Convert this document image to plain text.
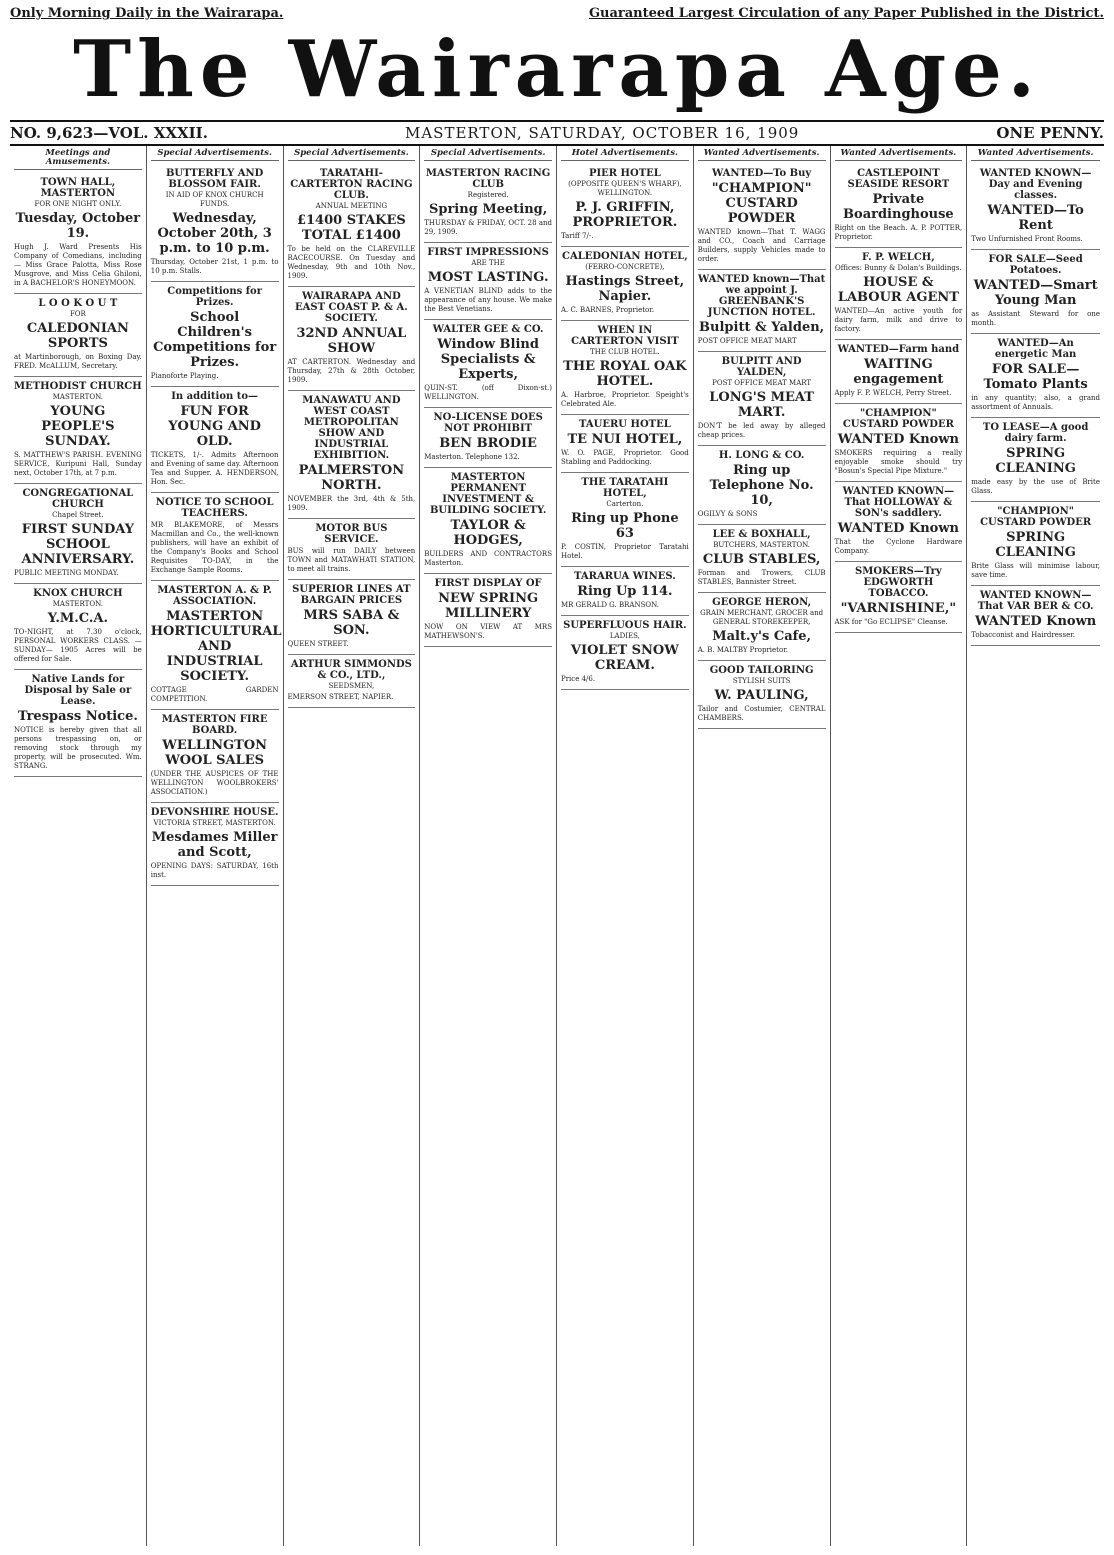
Only Morning Daily in the Wairarapa.	Guaranteed Largest Circulation of any Paper Published in the District.
The Wairarapa Age.
NO. 9,623—VOL. XXXII.	MASTERTON, SATURDAY, OCTOBER 16, 1909	ONE PENNY.
Meetings and Amusements.
TOWN HALL, MASTERTON

FOR ONE NIGHT ONLY.

Tuesday, October 19.

Hugh J. Ward Presents His Company of Comedians, including— Miss Grace Palotta, Miss Rose Musgrove, and Miss Celia Ghiloni, in A BACHELOR'S HONEYMOON.

L O O K O U T

FOR

CALEDONIAN SPORTS

at Martinborough, on Boxing Day. FRED. McALLUM, Secretary.

METHODIST CHURCH

MASTERTON.

YOUNG PEOPLE'S SUNDAY.

S. MATTHEW'S PARISH. EVENING SERVICE, Kuripuni Hall, Sunday next, October 17th, at 7 p.m.

CONGREGATIONAL CHURCH

Chapel Street.

FIRST SUNDAY SCHOOL ANNIVERSARY.

PUBLIC MEETING MONDAY.

KNOX CHURCH

MASTERTON.

Y.M.C.A.

TO-NIGHT, at 7.30 o'clock, PERSONAL WORKERS CLASS. —SUNDAY— 1905 Acres will be offered for Sale.

Native Lands for Disposal by Sale or Lease.

Trespass Notice.

NOTICE is hereby given that all persons trespassing on, or removing stock through my property, will be prosecuted. Wm. STRANG.

Special Advertisements.
BUTTERFLY AND BLOSSOM FAIR.

IN AID OF KNOX CHURCH FUNDS.

Wednesday, October 20th, 3 p.m. to 10 p.m.

Thursday, October 21st, 1 p.m. to 10 p.m. Stalls.

Competitions for Prizes.

School Children's Competitions for Prizes.

Pianoforte Playing.

In addition to—

FUN FOR YOUNG AND OLD.

TICKETS, 1/-. Admits Afternoon and Evening of same day. Afternoon Tea and Supper. A. HENDERSON, Hon. Sec.

NOTICE TO SCHOOL TEACHERS.

MR BLAKEMORE, of Messrs Macmillan and Co., the well-known publishers, will have an exhibit of the Company's Books and School Requisites TO-DAY, in the Exchange Sample Rooms.

MASTERTON A. & P. ASSOCIATION.

MASTERTON HORTICULTURAL AND INDUSTRIAL SOCIETY.

COTTAGE GARDEN COMPETITION.

MASTERTON FIRE BOARD.

WELLINGTON WOOL SALES

(UNDER THE AUSPICES OF THE WELLINGTON WOOLBROKERS' ASSOCIATION.)

DEVONSHIRE HOUSE.

VICTORIA STREET, MASTERTON.

Mesdames Miller and Scott,

OPENING DAYS: SATURDAY, 16th inst.

Special Advertisements.
TARATAHI-CARTERTON RACING CLUB.

ANNUAL MEETING

£1400 STAKES TOTAL £1400

To be held on the CLAREVILLE RACECOURSE. On Tuesday and Wednesday, 9th and 10th Nov., 1909.

WAIRARAPA AND EAST COAST P. & A. SOCIETY.

32ND ANNUAL SHOW

AT CARTERTON. Wednesday and Thursday, 27th & 28th October, 1909.

MANAWATU AND WEST COAST METROPOLITAN SHOW AND INDUSTRIAL EXHIBITION.

PALMERSTON NORTH.

NOVEMBER the 3rd, 4th & 5th, 1909.

MOTOR BUS SERVICE.

BUS will run DAILY between TOWN and MATAWHATI STATION, to meet all trains.

SUPERIOR LINES AT BARGAIN PRICES

MRS SABA & SON.

QUEEN STREET.

ARTHUR SIMMONDS & CO., LTD.,

SEEDSMEN,

EMERSON STREET, NAPIER.

Special Advertisements.
MASTERTON RACING CLUB

Registered.

Spring Meeting,

THURSDAY & FRIDAY, OCT. 28 and 29, 1909.

FIRST IMPRESSIONS

ARE THE

MOST LASTING.

A VENETIAN BLIND adds to the appearance of any house. We make the Best Venetians.

WALTER GEE & CO.

Window Blind Specialists & Experts,

QUIN-ST. (off Dixon-st.) WELLINGTON.

NO-LICENSE DOES NOT PROHIBIT

BEN BRODIE

Masterton. Telephone 132.

MASTERTON PERMANENT INVESTMENT & BUILDING SOCIETY.

TAYLOR & HODGES,

BUILDERS AND CONTRACTORS Masterton.

FIRST DISPLAY OF

NEW SPRING MILLINERY

NOW ON VIEW AT MRS MATHEWSON'S.

Hotel Advertisements.
PIER HOTEL

(OPPOSITE QUEEN'S WHARF), WELLINGTON.

P. J. GRIFFIN, PROPRIETOR.

Tariff 7/-.

CALEDONIAN HOTEL,

(FERRO-CONCRETE),

Hastings Street, Napier.

A. C. BARNES, Proprietor.

WHEN IN CARTERTON VISIT

THE CLUB HOTEL.

THE ROYAL OAK HOTEL.

A. Harbroe, Proprietor. Speight's Celebrated Ale.

TAUERU HOTEL

TE NUI HOTEL,

W. O. PAGE, Proprietor. Good Stabling and Paddocking.

THE TARATAHI HOTEL,

Carterton.

Ring up Phone 63

P. COSTIN, Proprietor Taratahi Hotel.

TARARUA WINES.

Ring Up 114.

MR GERALD G. BRANSON.

SUPERFLUOUS HAIR.

LADIES,

VIOLET SNOW CREAM.

Price 4/6.

Wanted Advertisements.
WANTED—To Buy

"CHAMPION" CUSTARD POWDER

WANTED known—That T. WAGG and CO., Coach and Carriage Builders, supply Vehicles made to order.

WANTED known—That we appoint J. GREENBANK'S JUNCTION HOTEL.

Bulpitt & Yalden,

POST OFFICE MEAT MART

BULPITT AND YALDEN,

POST OFFICE MEAT MART

LONG'S MEAT MART.

DON'T be led away by alleged cheap prices.

H. LONG & CO.

Ring up Telephone No. 10,

OGILVY & SONS

LEE & BOXHALL,

BUTCHERS, MASTERTON.

CLUB STABLES,

Forman and Trowers, CLUB STABLES, Bannister Street.

GEORGE HERON,

GRAIN MERCHANT, GROCER and GENERAL STOREKEEPER,

Malt.y's Cafe,

A. B. MALTBY Proprietor.

GOOD TAILORING

STYLISH SUITS

W. PAULING,

Tailor and Costumier, CENTRAL CHAMBERS.

Wanted Advertisements.
CASTLEPOINT SEASIDE RESORT

Private Boardinghouse

Right on the Beach. A. P. POTTER, Proprietor.

F. P. WELCH,

Offices: Bunny & Dolan's Buildings.

HOUSE & LABOUR AGENT

WANTED—An active youth for dairy farm, milk and drive to factory.

WANTED—Farm hand

WAITING engagement

Apply F. P. WELCH, Perry Street.

"CHAMPION" CUSTARD POWDER

WANTED Known

SMOKERS requiring a really enjoyable smoke should try "Bosun's Special Pipe Mixture."

WANTED KNOWN—That HOLLOWAY & SON's saddlery.

WANTED Known

That the Cyclone Hardware Company.

SMOKERS—Try EDGWORTH TOBACCO.

"VARNISHINE,"

ASK for "Go ECLIPSE" Cleanse.

Wanted Advertisements.
WANTED KNOWN—Day and Evening classes.

WANTED—To Rent

Two Unfurnished Front Rooms.

FOR SALE—Seed Potatoes.

WANTED—Smart Young Man

as Assistant Steward for one month.

WANTED—An energetic Man

FOR SALE—Tomato Plants

in any quantity; also, a grand assortment of Annuals.

TO LEASE—A good dairy farm.

SPRING CLEANING

made easy by the use of Brite Glass.

"CHAMPION" CUSTARD POWDER

SPRING CLEANING

Brite Glass will minimise labour, save time.

WANTED KNOWN—That VAR BER & CO.

WANTED Known

Tobacconist and Hairdresser.
